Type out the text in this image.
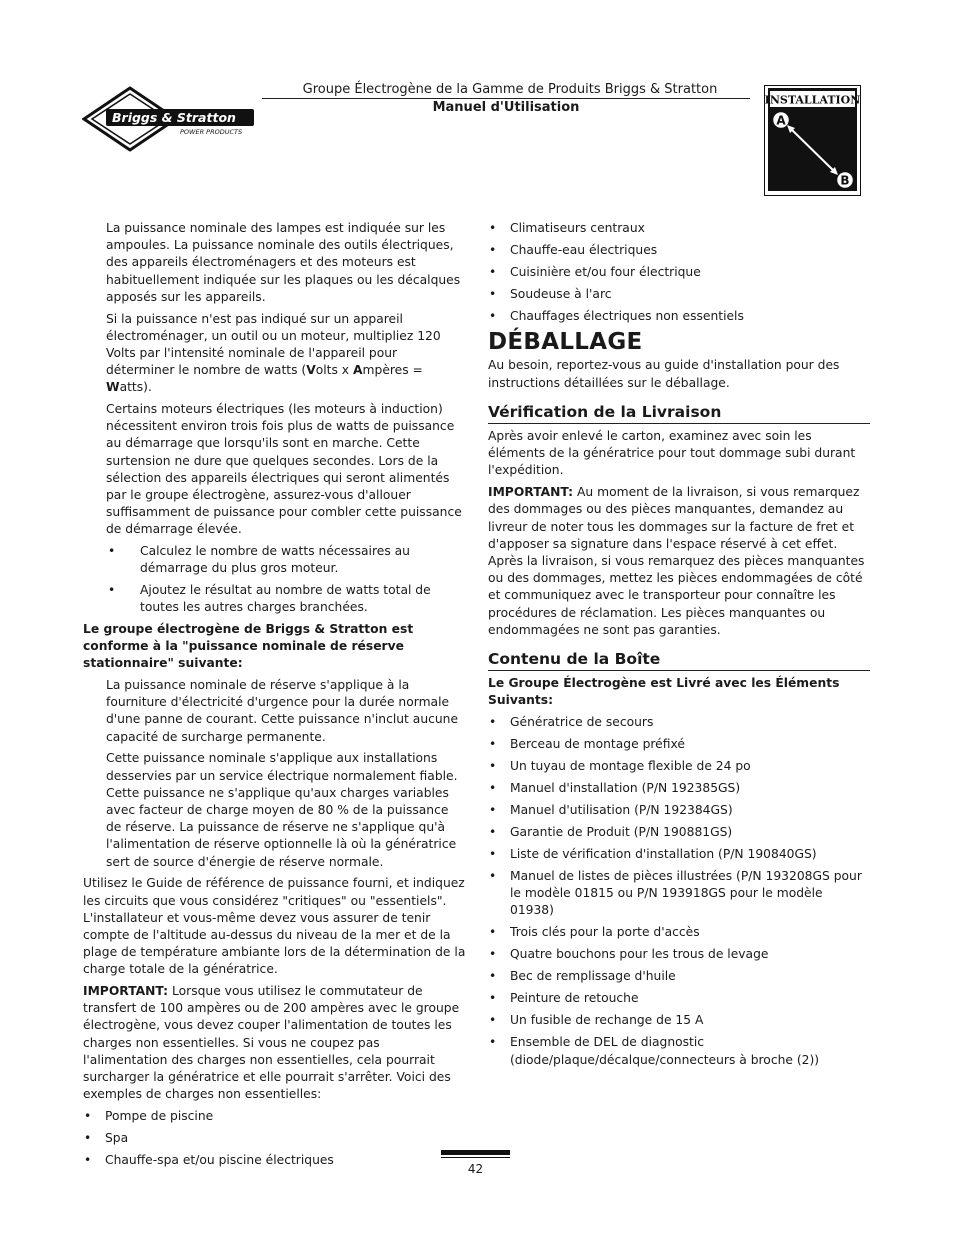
Briggs & Stratton
POWER PRODUCTS
Groupe Électrogène de la Gamme de Produits Briggs & Stratton
Manuel d'Utilisation	INSTALLATION
A
B

La puissance nominale des lampes est indiquée sur les ampoules. La puissance nominale des outils électriques, des appareils électroménagers et des moteurs est habituellement indiquée sur les plaques ou les décalques apposés sur les appareils.

Si la puissance n'est pas indiqué sur un appareil électroménager, un outil ou un moteur, multipliez 120 Volts par l'intensité nominale de l'appareil pour déterminer le nombre de watts (Volts x Ampères = Watts).

Certains moteurs électriques (les moteurs à induction) nécessitent environ trois fois plus de watts de puissance au démarrage que lorsqu'ils sont en marche. Cette surtension ne dure que quelques secondes. Lors de la sélection des appareils électriques qui seront alimentés par le groupe électrogène, assurez-vous d'allouer suffisamment de puissance pour combler cette puissance de démarrage élevée.

• Calculez le nombre de watts nécessaires au démarrage du plus gros moteur.
• Ajoutez le résultat au nombre de watts total de toutes les autres charges branchées.

Le groupe électrogène de Briggs & Stratton est conforme à la "puissance nominale de réserve stationnaire" suivante:

La puissance nominale de réserve s'applique à la fourniture d'électricité d'urgence pour la durée normale d'une panne de courant. Cette puissance n'inclut aucune capacité de surcharge permanente.

Cette puissance nominale s'applique aux installations desservies par un service électrique normalement fiable. Cette puissance ne s'applique qu'aux charges variables avec facteur de charge moyen de 80 % de la puissance de réserve. La puissance de réserve ne s'applique qu'à l'alimentation de réserve optionnelle là où la génératrice sert de source d'énergie de réserve normale.

Utilisez le Guide de référence de puissance fourni, et indiquez les circuits que vous considérez "critiques" ou "essentiels". L'installateur et vous-même devez vous assurer de tenir compte de l'altitude au-dessus du niveau de la mer et de la plage de température ambiante lors de la détermination de la charge totale de la génératrice.

IMPORTANT: Lorsque vous utilisez le commutateur de transfert de 100 ampères ou de 200 ampères avec le groupe électrogène, vous devez couper l'alimentation de toutes les charges non essentielles. Si vous ne coupez pas l'alimentation des charges non essentielles, cela pourrait surcharger la génératrice et elle pourrait s'arrêter. Voici des exemples de charges non essentielles:

• Pompe de piscine
• Spa
• Chauffe-spa et/ou piscine électriques
• Climatiseurs centraux
• Chauffe-eau électriques
• Cuisinière et/ou four électrique
• Soudeuse à l'arc
• Chauffages électriques non essentiels
DÉBALLAGE

Au besoin, reportez-vous au guide d'installation pour des instructions détaillées sur le déballage.

Vérification de la Livraison

Après avoir enlevé le carton, examinez avec soin les éléments de la génératrice pour tout dommage subi durant l'expédition.

IMPORTANT: Au moment de la livraison, si vous remarquez des dommages ou des pièces manquantes, demandez au livreur de noter tous les dommages sur la facture de fret et d'apposer sa signature dans l'espace réservé à cet effet. Après la livraison, si vous remarquez des pièces manquantes ou des dommages, mettez les pièces endommagées de côté et communiquez avec le transporteur pour connaître les procédures de réclamation. Les pièces manquantes ou endommagées ne sont pas garanties.

Contenu de la Boîte

Le Groupe Électrogène est Livré avec les Éléments Suivants:

• Génératrice de secours
• Berceau de montage préfixé
• Un tuyau de montage flexible de 24 po
• Manuel d'installation (P/N 192385GS)
• Manuel d'utilisation (P/N 192384GS)
• Garantie de Produit (P/N 190881GS)
• Liste de vérification d'installation (P/N 190840GS)
• Manuel de listes de pièces illustrées (P/N 193208GS pour le modèle 01815 ou P/N 193918GS pour le modèle 01938)
• Trois clés pour la porte d'accès
• Quatre bouchons pour les trous de levage
• Bec de remplissage d'huile
• Peinture de retouche
• Un fusible de rechange de 15 A
• Ensemble de DEL de diagnostic (diode/plaque/décalque/connecteurs à broche (2))
42
